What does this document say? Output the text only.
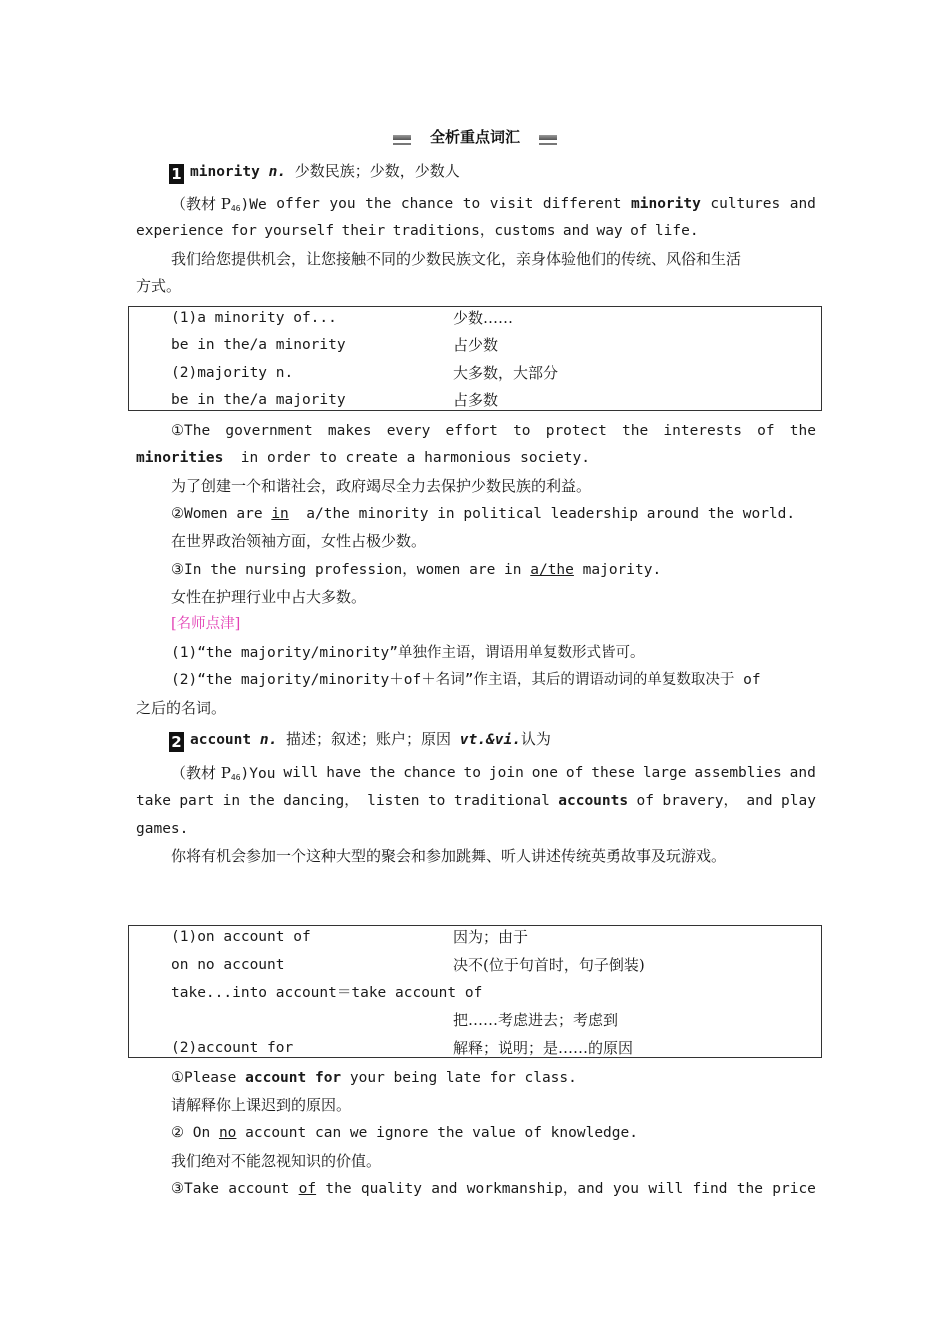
全析重点词汇
1 minority n. 少数民族；少数，少数人
（教材 $P_{46})We$ offer you the chance to visit different minority cultures and
experience for yourself their traditions，customs and way of life.
我们给您提供机会，让您接触不同的少数民族文化，亲身体验他们的传统、风俗和生活
方式。
(1)a minority of...	少数……
be in the/a minority	占少数
(2)majority n.	大多数，大部分
be in the/a majority	占多数
①The government makes every effort to protect the interests of the
minorities in order to create a harmonious society.
为了创建一个和谐社会，政府竭尽全力去保护少数民族的利益。
②Women are in a/the minority in political leadership around the world.
在世界政治领袖方面，女性占极少数。
③In the nursing profession，women are in a/the majority.
女性在护理行业中占大多数。
[名师点津]
(1)“the majority/minority”单独作主语，谓语用单复数形式皆可。
(2)“the majority/minority＋of＋名词”作主语，其后的谓语动词的单复数取决于 of
之后的名词。
2 account n. 描述；叙述；账户；原因 vt.&vi.认为
（教材 $P_{46})You$ will have the chance to join one of these large assemblies and
take part in the dancing， listen to traditional accounts of bravery， and play
games.
你将有机会参加一个这种大型的聚会和参加跳舞、听人讲述传统英勇故事及玩游戏。
(1)on account of	因为；由于
on no account	决不(位于句首时，句子倒装)
take...into account＝take account of
把……考虑进去；考虑到
(2)account for	解释；说明；是……的原因
①Please account for your being late for class.
请解释你上课迟到的原因。
② On no account can we ignore the value of knowledge.
我们绝对不能忽视知识的价值。
③Take account of the quality and workmanship，and you will find the price
